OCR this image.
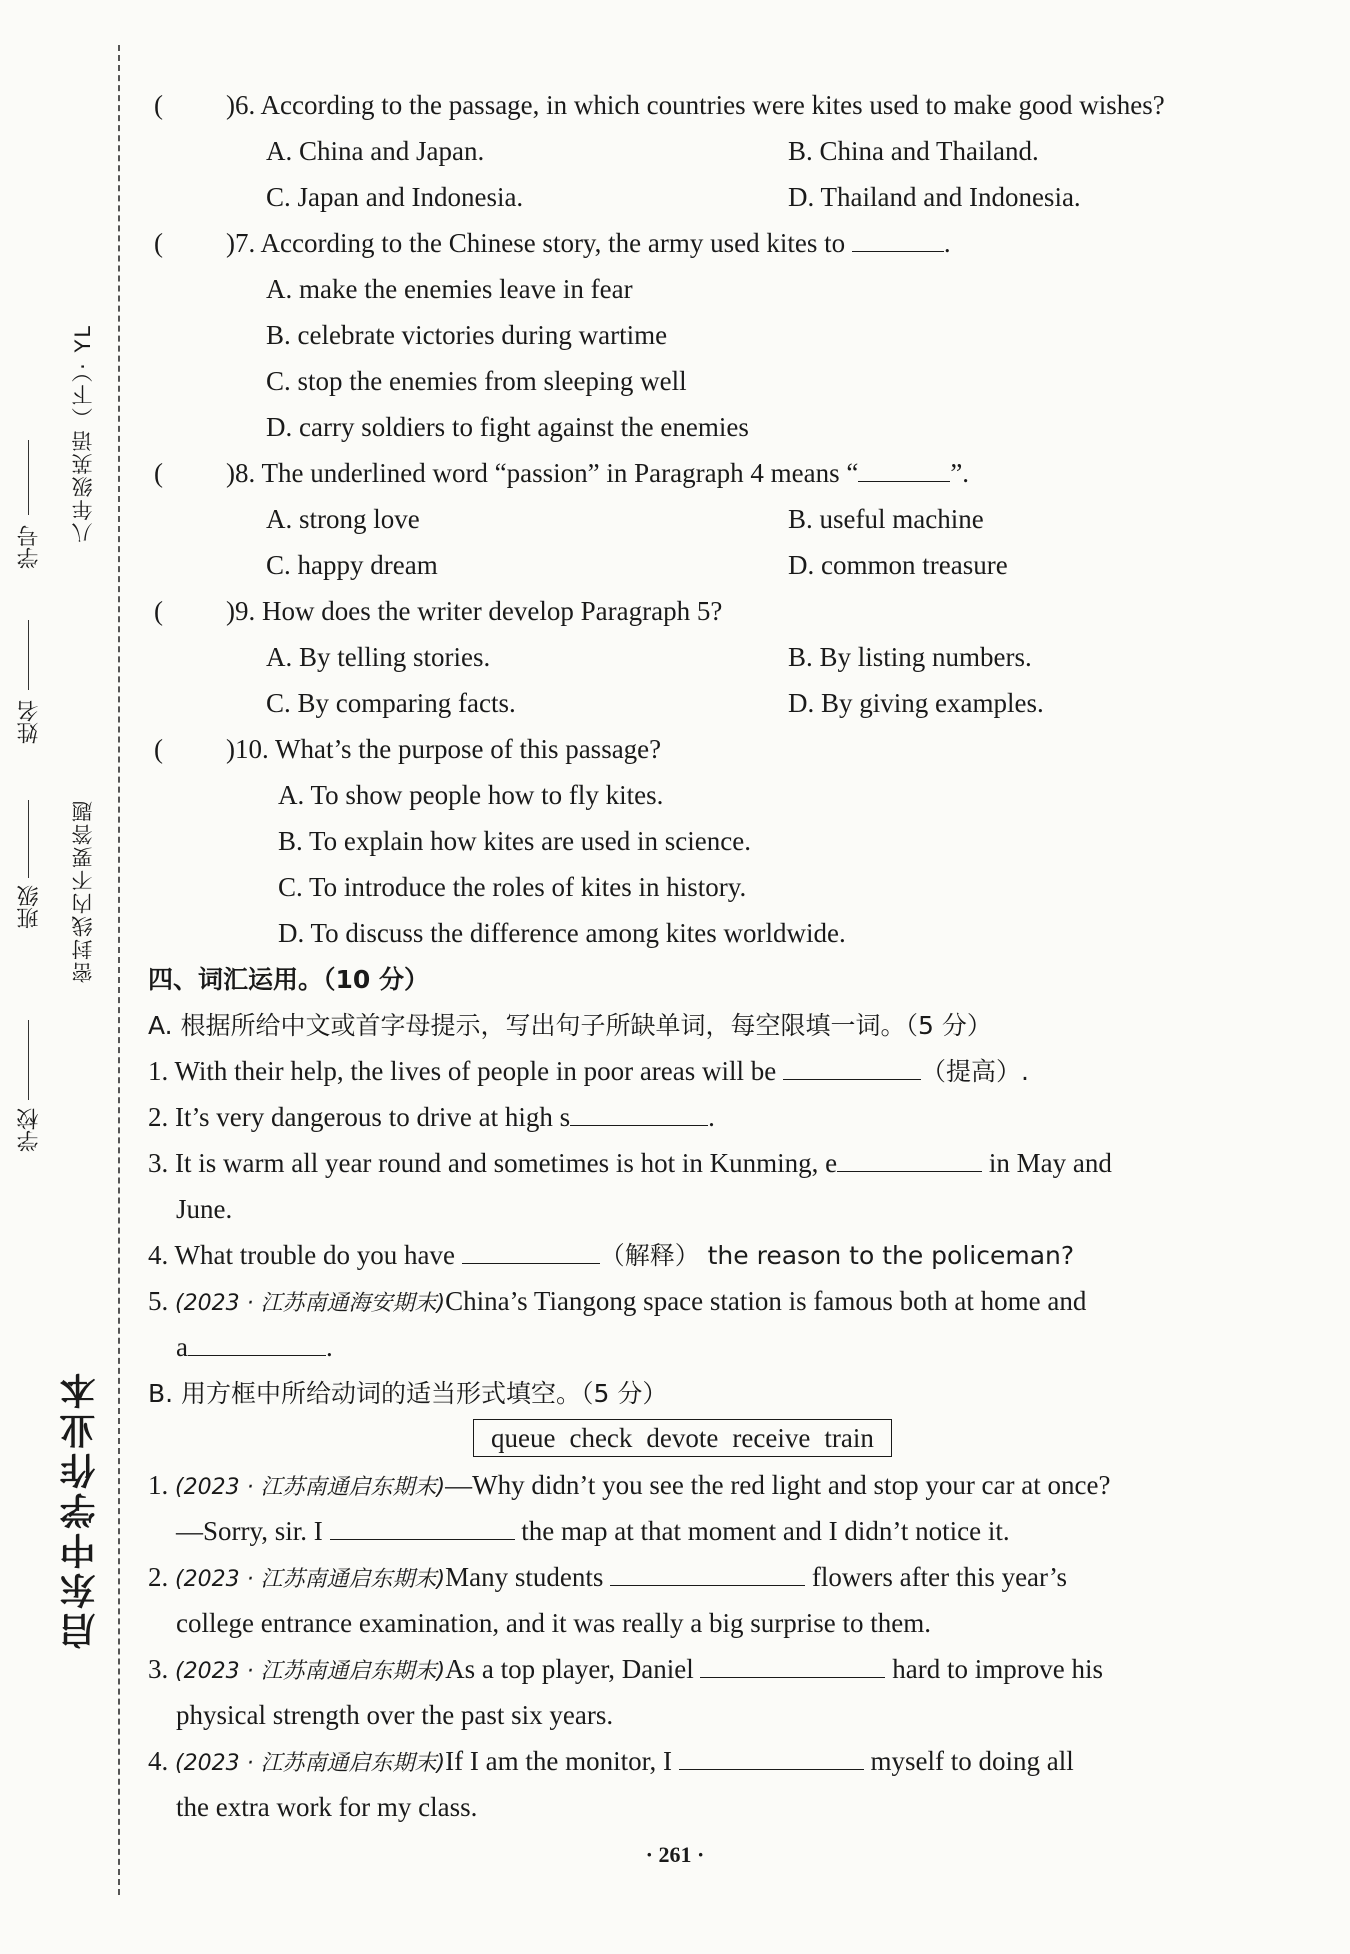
八年级英语（下）· YL
密封线内不要答题
启东中学作业本
学号
姓名
班级
学校
( )6. According to the passage, in which countries were kites used to make good wishes?
A. China and Japan.	B. China and Thailand.
C. Japan and Indonesia.	D. Thailand and Indonesia.
( )7. According to the Chinese story, the army used kites to	.
A. make the enemies leave in fear
B. celebrate victories during wartime
C. stop the enemies from sleeping well
D. carry soldiers to fight against the enemies
( )8. The underlined word “passion” in Paragraph 4 means “	”.
A. strong love	B. useful machine
C. happy dream	D. common treasure
( )9. How does the writer develop Paragraph 5?
A. By telling stories.	B. By listing numbers.
C. By comparing facts.	D. By giving examples.
( )10. What’s the purpose of this passage?
A. To show people how to fly kites.
B. To explain how kites are used in science.
C. To introduce the roles of kites in history.
D. To discuss the difference among kites worldwide.
四、词汇运用。（10 分）
A. 根据所给中文或首字母提示，写出句子所缺单词，每空限填一词。（5 分）
1. With their help, the lives of people in poor areas will be	（提高）.
2. It’s very dangerous to drive at high s	.
3. It is warm all year round and sometimes is hot in Kunming, e	in May and
June.
4. What trouble do you have	（解释） the reason to the policeman?
5. (2023 · 江苏南通海安期末)China’s Tiangong space station is famous both at home and
a	.
B. 用方框中所给动词的适当形式填空。（5 分）
queue check devote receive train
1. (2023 · 江苏南通启东期末)—Why didn’t you see the red light and stop your car at once?
—Sorry, sir. I	the map at that moment and I didn’t notice it.
2. (2023 · 江苏南通启东期末)Many students	flowers after this year’s
college entrance examination, and it was really a big surprise to them.
3. (2023 · 江苏南通启东期末)As a top player, Daniel	hard to improve his
physical strength over the past six years.
4. (2023 · 江苏南通启东期末)If I am the monitor, I	myself to doing all
the extra work for my class.
· 261 ·
